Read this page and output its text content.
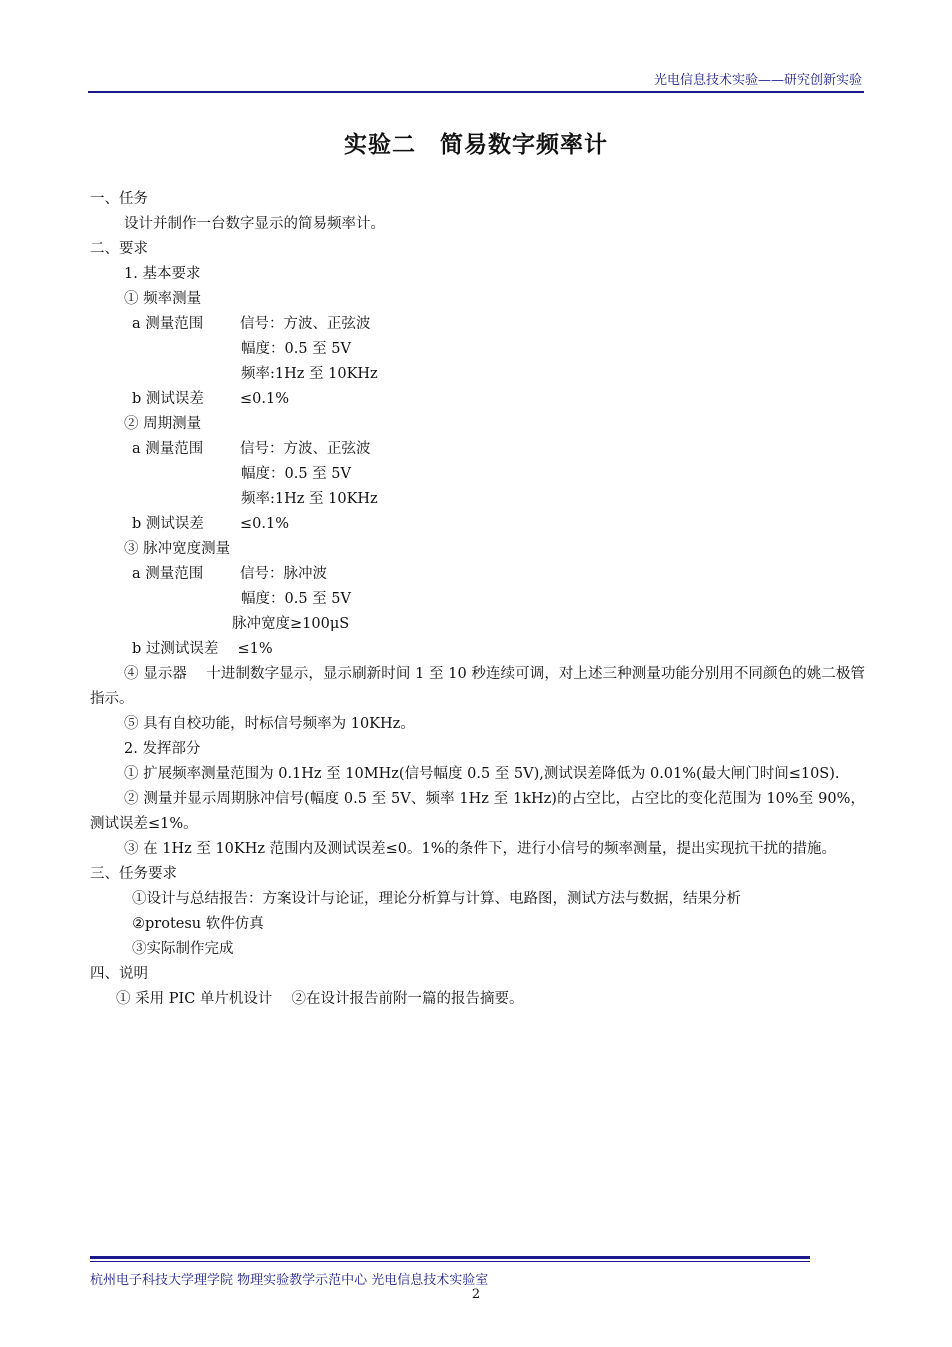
光电信息技术实验——研究创新实验
实验二　简易数字频率计
一、任务
设计并制作一台数字显示的简易频率计。
二、要求
1. 基本要求
① 频率测量
a 测量范围	信号：方波、正弦波
幅度：0.5 至 5V
频率:1Hz 至 10KHz
b 测试误差 ≤0.1%
② 周期测量
a 测量范围	信号：方波、正弦波
幅度：0.5 至 5V
频率:1Hz 至 10KHz
b 测试误差 ≤0.1%
③ 脉冲宽度测量
a 测量范围	信号：脉冲波
幅度：0.5 至 5V
脉冲宽度≥100μS
b 过测试误差　 ≤1%
④ 显示器　 十进制数字显示，显示刷新时间 1 至 10 秒连续可调，对上述三种测量功能分别用不同颜色的姚二极管指示。
⑤ 具有自校功能，时标信号频率为 10KHz。
2. 发挥部分
① 扩展频率测量范围为 0.1Hz 至 10MHz(信号幅度 0.5 至 5V),测试误差降低为 0.01%(最大闸门时间≤10S).
② 测量并显示周期脉冲信号(幅度 0.5 至 5V、频率 1Hz 至 1kHz)的占空比，占空比的变化范围为 10%至 90%，测试误差≤1%。
③ 在 1Hz 至 10KHz 范围内及测试误差≤0。1%的条件下，进行小信号的频率测量，提出实现抗干扰的措施。
三、任务要求
①设计与总结报告：方案设计与论证，理论分析算与计算、电路图，测试方法与数据，结果分析
②protesu 软件仿真
③实际制作完成
四、说明
① 采用 PIC 单片机设计　 ②在设计报告前附一篇的报告摘要。
杭州电子科技大学理学院 物理实验教学示范中心 光电信息技术实验室
2
